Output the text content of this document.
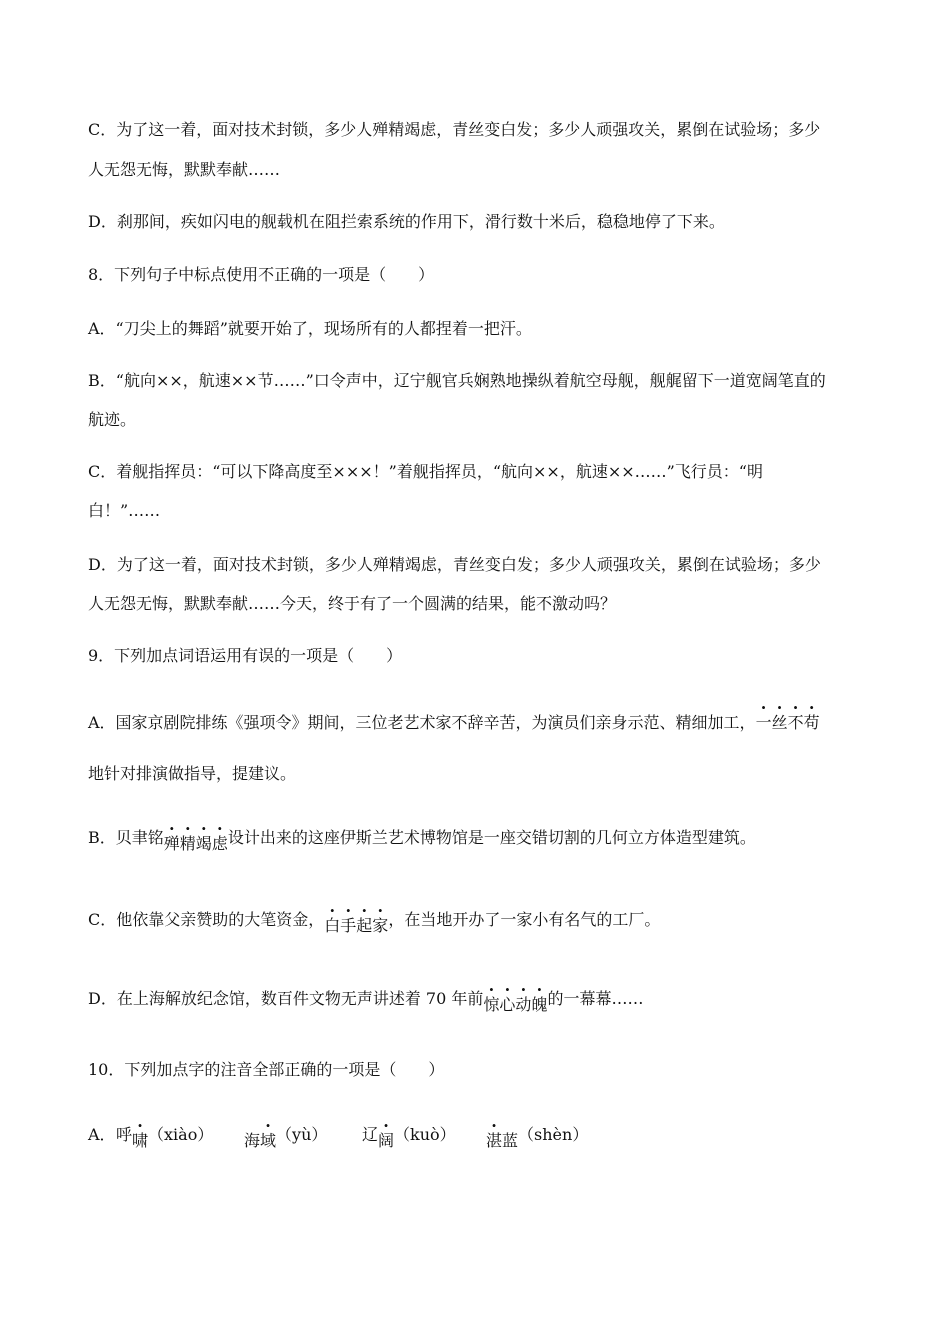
C．为了这一着，面对技术封锁，多少人殚精竭虑，青丝变白发；多少人顽强攻关，累倒在试验场；多少
人无怨无悔，默默奉献……
D．刹那间，疾如闪电的舰载机在阻拦索系统的作用下，滑行数十米后，稳稳地停了下来。
8．下列句子中标点使用不正确的一项是（　　）
A．“刀尖上的舞蹈”就要开始了，现场所有的人都捏着一把汗。
B．“航向××，航速××节……”口令声中，辽宁舰官兵娴熟地操纵着航空母舰，舰艉留下一道宽阔笔直的
航迹。
C．着舰指挥员：“可以下降高度至×××！”着舰指挥员，“航向××，航速××……”飞行员：“明
白！”……
D．为了这一着，面对技术封锁，多少人殚精竭虑，青丝变白发；多少人顽强攻关，累倒在试验场；多少
人无怨无悔，默默奉献……今天，终于有了一个圆满的结果，能不激动吗？
9．下列加点词语运用有误的一项是（　　）
A．国家京剧院排练《强项令》期间，三位老艺术家不辞辛苦，为演员们亲身示范、精细加工，一丝不苟
地针对排演做指导，提建议。
B．贝聿铭殚精竭虑设计出来的这座伊斯兰艺术博物馆是一座交错切割的几何立方体造型建筑。
C．他依靠父亲赞助的大笔资金，白手起家，在当地开办了一家小有名气的工厂。
D．在上海解放纪念馆，数百件文物无声讲述着 70 年前惊心动魄的一幕幕……
10．下列加点字的注音全部正确的一项是（　　）
A． 呼啸（xiào） 海域（yù） 辽阔（kuò） 湛蓝（shèn）
